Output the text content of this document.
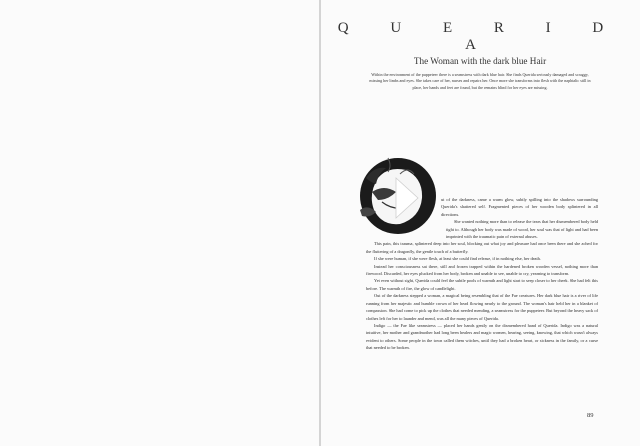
Q U E R I D A
The Woman with the dark blue Hair
Within the environment of the puppeteer there is a seamstress with dark blue hair. She finds Querida seriously damaged and scraggy, missing her limbs and eyes. She takes care of her, nurses and repairs her. Once more she transforms into flesh with the naphtalic still in place, her hands and feet are found, but the remains blind for her eyes are missing.

ut of the darkness, came a warm glow, subtly spilling into the shadows surrounding Querida's shattered self. Fragmented pieces of her wooden body splintered in all directions.

She wanted nothing more than to release the tears that her dismembered body held tight to. Although her body was made of wood, her soul was that of light and had been imprinted with the traumatic pain of external abuses.

This pain, this trauma, splintered deep into her soul, blocking out what joy and pleasure had once been there and she ached for the fluttering of a dragonfly, the gentle touch of a butterfly.

If she were human, if she were flesh, at least she could find release, if in nothing else, her death.

Instead her consciousness sat there, still and frozen trapped within the hardened broken wooden vessel, nothing more than firewood. Discarded, her eyes plucked from her body, broken and unable to see, unable to cry, yearning to transform.

Yet even without sight, Querida could feel the subtle pools of warmth and light start to seep closer to her cheek. She had felt this before. The warmth of fire, the glow of candlelight.

Out of the darkness stepped a woman, a magical being resembling that of the Fae creatures. Her dark blue hair is a river of life running from her majestic and humble crown of her head flowing nearly to the ground. The woman's hair held her in a blanket of compassion. She had come to pick up the clothes that needed mending, a seamstress for the puppeteer. But beyond the heavy sack of clothes left for her to launder and mend, was all the many pieces of Querida.

Indigo — the Fae like seamstress — placed her hands gently on the dismembered hand of Querida. Indigo was a natural intuitive, her mother and grandmother had long been healers and magic women, hearing, seeing, knowing, that which wasn't always evident to others. Some people in the town called them witches, until they had a broken heart, or sickness in the family, or a curse that needed to be broken.

89
